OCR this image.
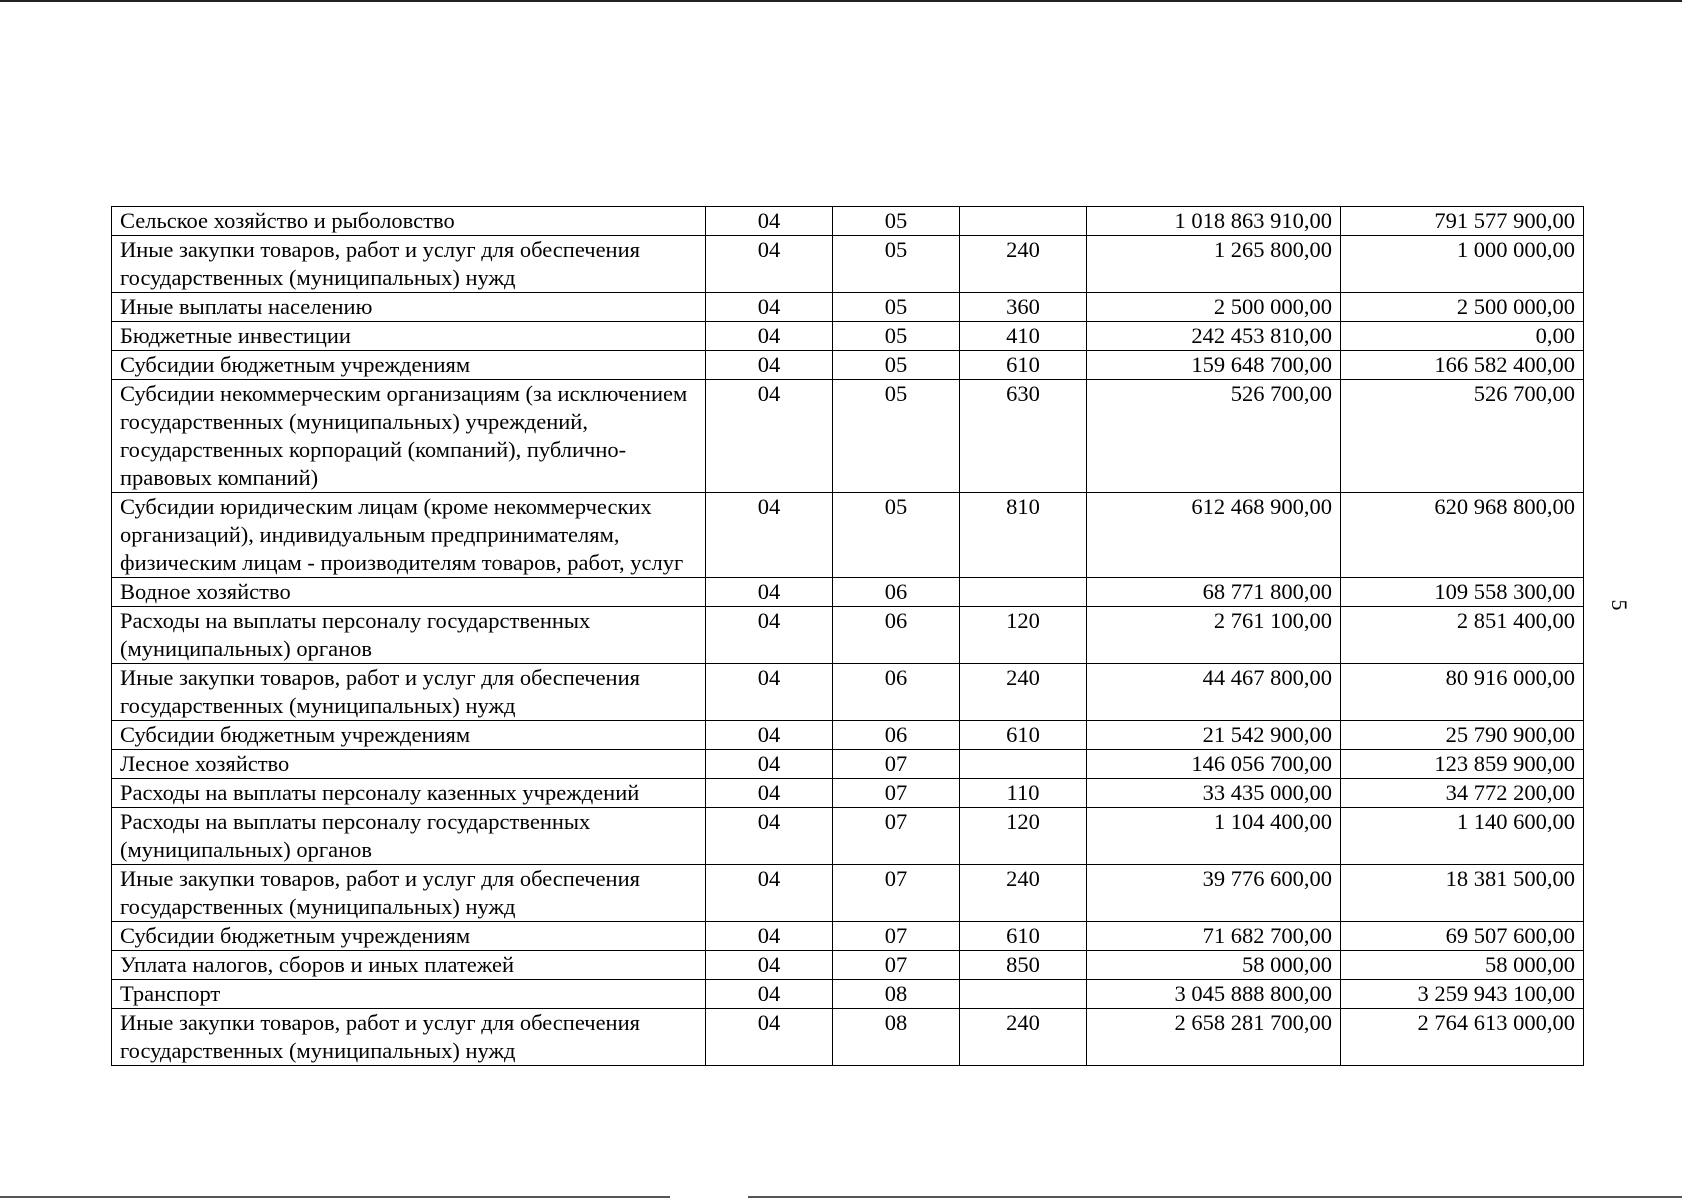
5
Сельское хозяйство и рыболовство	04	05		1 018 863 910,00	791 577 900,00
Иные закупки товаров, работ и услуг для обеспечения государственных (муниципальных) нужд	04	05	240	1 265 800,00	1 000 000,00
Иные выплаты населению	04	05	360	2 500 000,00	2 500 000,00
Бюджетные инвестиции	04	05	410	242 453 810,00	0,00
Субсидии бюджетным учреждениям	04	05	610	159 648 700,00	166 582 400,00
Субсидии некоммерческим организациям (за исключением государственных (муниципальных) учреждений, государственных корпораций (компаний), публично-правовых компаний)	04	05	630	526 700,00	526 700,00
Субсидии юридическим лицам (кроме некоммерческих организаций), индивидуальным предпринимателям, физическим лицам - производителям товаров, работ, услуг	04	05	810	612 468 900,00	620 968 800,00
Водное хозяйство	04	06		68 771 800,00	109 558 300,00
Расходы на выплаты персоналу государственных (муниципальных) органов	04	06	120	2 761 100,00	2 851 400,00
Иные закупки товаров, работ и услуг для обеспечения государственных (муниципальных) нужд	04	06	240	44 467 800,00	80 916 000,00
Субсидии бюджетным учреждениям	04	06	610	21 542 900,00	25 790 900,00
Лесное хозяйство	04	07		146 056 700,00	123 859 900,00
Расходы на выплаты персоналу казенных учреждений	04	07	110	33 435 000,00	34 772 200,00
Расходы на выплаты персоналу государственных (муниципальных) органов	04	07	120	1 104 400,00	1 140 600,00
Иные закупки товаров, работ и услуг для обеспечения государственных (муниципальных) нужд	04	07	240	39 776 600,00	18 381 500,00
Субсидии бюджетным учреждениям	04	07	610	71 682 700,00	69 507 600,00
Уплата налогов, сборов и иных платежей	04	07	850	58 000,00	58 000,00
Транспорт	04	08		3 045 888 800,00	3 259 943 100,00
Иные закупки товаров, работ и услуг для обеспечения государственных (муниципальных) нужд	04	08	240	2 658 281 700,00	2 764 613 000,00
